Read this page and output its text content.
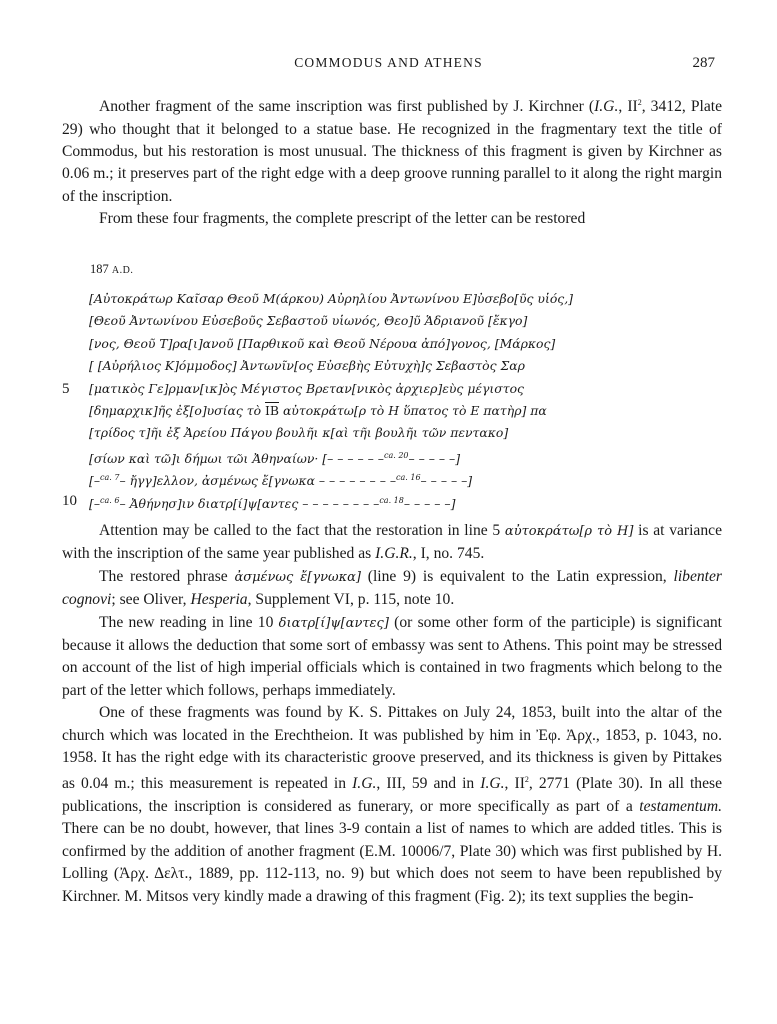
COMMODUS AND ATHENS	287

Another fragment of the same inscription was first published by J. Kirchner (I.G., $II^2$, 3412, Plate 29) who thought that it belonged to a statue base. He recognized in the fragmentary text the title of Commodus, but his restoration is most unusual. The thickness of this fragment is given by Kirchner as 0.06 m.; it preserves part of the right edge with a deep groove running parallel to it along the right margin of the inscription.

From these four fragments, the complete prescript of the letter can be restored

187 A.D.
[Αὐτοκράτωρ Καῖσαρ Θεοῦ Μ(άρκου) Αὐρηλίου Ἀντωνίνου Ε]ὐσεβο[ῦς υἱός,]
[Θεοῦ Ἀντωνίνου Εὐσεβοῦς Σεβαστοῦ υἱωνός, Θεο]ῦ Ἁδριανοῦ [ἔκγο]
[νος, Θεοῦ Τ]ρα[ι]ανοῦ [Παρθικοῦ καὶ Θεοῦ Νέρουα ἀπό]γονος, [Μάρκος]
[ [Αὐρήλιος Κ]όμμοδος] Ἀντωνῖν[ος Εὐσεβὴς Εὐτυχὴ]ς Σεβαστὸς Σαρ
5	[ματικὸς Γε]ρμαν[ικ]ὸς Μέγιστος Βρεταν[νικὸς ἀρχιερ]εὺς μέγιστος
[δημαρχικ]ῆς ἐξ[ο]υσίας τὸ $\overline{IB}$ αὐτοκράτω[ρ τὸ Η ὕπατος τὸ Ε πατὴρ] πα
[τρίδος τ]ῆι ἐξ Ἀρείου Πάγου βουλῆι κ[αὶ τῆι βουλῆι τῶν πεντακο]
[σίων καὶ τῶ]ι δήμωι τῶι Ἀθηναίων· [– – – – – –$^{ca. 20}$– – – – –]
[–$^{ca. 7}$– ἤγγ]ελλον, ἀσμένως ἔ[γνωκα – – – – – – – –$^{ca. 16}$– – – – –]
10 [–$^{ca. 6}$– Ἀθήνησ]ιν διατρ[ί]ψ[αντες – – – – – – – –$^{ca. 18}$– – – – –]

Attention may be called to the fact that the restoration in line 5 αὐτοκράτω[ρ τὸ Η] is at variance with the inscription of the same year published as I.G.R., I, no. 745.

The restored phrase ἀσμένως ἔ[γνωκα] (line 9) is equivalent to the Latin expression, libenter cognovi; see Oliver, Hesperia, Supplement VI, p. 115, note 10.

The new reading in line 10 διατρ[ί]ψ[αντες] (or some other form of the participle) is significant because it allows the deduction that some sort of embassy was sent to Athens. This point may be stressed on account of the list of high imperial officials which is contained in two fragments which belong to the part of the letter which follows, perhaps immediately.

One of these fragments was found by K. S. Pittakes on July 24, 1853, built into the altar of the church which was located in the Erechtheion. It was published by him in Ἐφ. Ἀρχ., 1853, p. 1043, no. 1958. It has the right edge with its characteristic groove preserved, and its thickness is given by Pittakes as 0.04 m.; this measurement is repeated in I.G., III, 59 and in I.G., $II^2$, 2771 (Plate 30). In all these publications, the inscription is considered as funerary, or more specifically as part of a testamentum. There can be no doubt, however, that lines 3-9 contain a list of names to which are added titles. This is confirmed by the addition of another fragment (E.M. 10006/7, Plate 30) which was first published by H. Lolling (Ἀρχ. Δελτ., 1889, pp. 112-113, no. 9) but which does not seem to have been republished by Kirchner. M. Mitsos very kindly made a drawing of this fragment (Fig. 2); its text supplies the begin-
